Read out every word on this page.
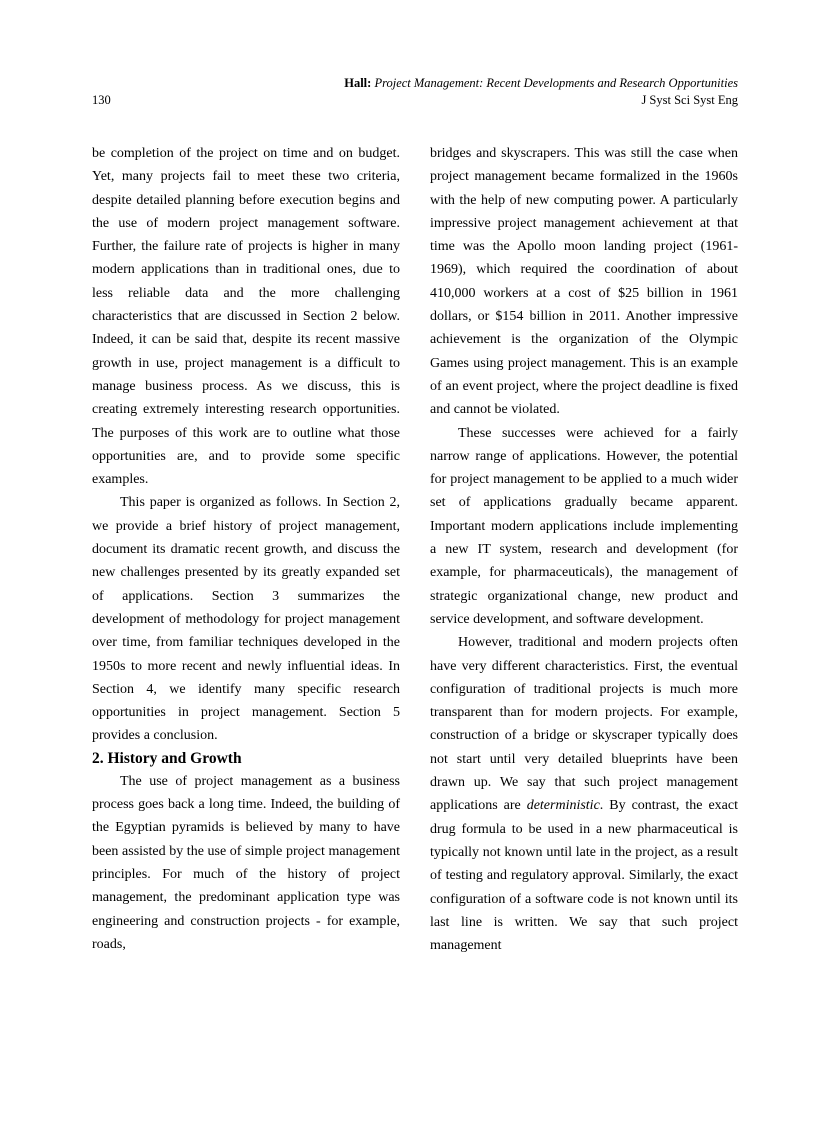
Hall: Project Management: Recent Developments and Research Opportunities
130	J Syst Sci Syst Eng

be completion of the project on time and on budget. Yet, many projects fail to meet these two criteria, despite detailed planning before execution begins and the use of modern project management software. Further, the failure rate of projects is higher in many modern applications than in traditional ones, due to less reliable data and the more challenging characteristics that are discussed in Section 2 below. Indeed, it can be said that, despite its recent massive growth in use, project management is a difficult to manage business process. As we discuss, this is creating extremely interesting research opportunities. The purposes of this work are to outline what those opportunities are, and to provide some specific examples.

This paper is organized as follows. In Section 2, we provide a brief history of project management, document its dramatic recent growth, and discuss the new challenges presented by its greatly expanded set of applications. Section 3 summarizes the development of methodology for project management over time, from familiar techniques developed in the 1950s to more recent and newly influential ideas. In Section 4, we identify many specific research opportunities in project management. Section 5 provides a conclusion.

2. History and Growth

The use of project management as a business process goes back a long time. Indeed, the building of the Egyptian pyramids is believed by many to have been assisted by the use of simple project management principles. For much of the history of project management, the predominant application type was engineering and construction projects - for example, roads,

bridges and skyscrapers. This was still the case when project management became formalized in the 1960s with the help of new computing power. A particularly impressive project management achievement at that time was the Apollo moon landing project (1961-1969), which required the coordination of about 410,000 workers at a cost of $25 billion in 1961 dollars, or $154 billion in 2011. Another impressive achievement is the organization of the Olympic Games using project management. This is an example of an event project, where the project deadline is fixed and cannot be violated.

These successes were achieved for a fairly narrow range of applications. However, the potential for project management to be applied to a much wider set of applications gradually became apparent. Important modern applications include implementing a new IT system, research and development (for example, for pharmaceuticals), the management of strategic organizational change, new product and service development, and software development.

However, traditional and modern projects often have very different characteristics. First, the eventual configuration of traditional projects is much more transparent than for modern projects. For example, construction of a bridge or skyscraper typically does not start until very detailed blueprints have been drawn up. We say that such project management applications are deterministic. By contrast, the exact drug formula to be used in a new pharmaceutical is typically not known until late in the project, as a result of testing and regulatory approval. Similarly, the exact configuration of a software code is not known until its last line is written. We say that such project management
